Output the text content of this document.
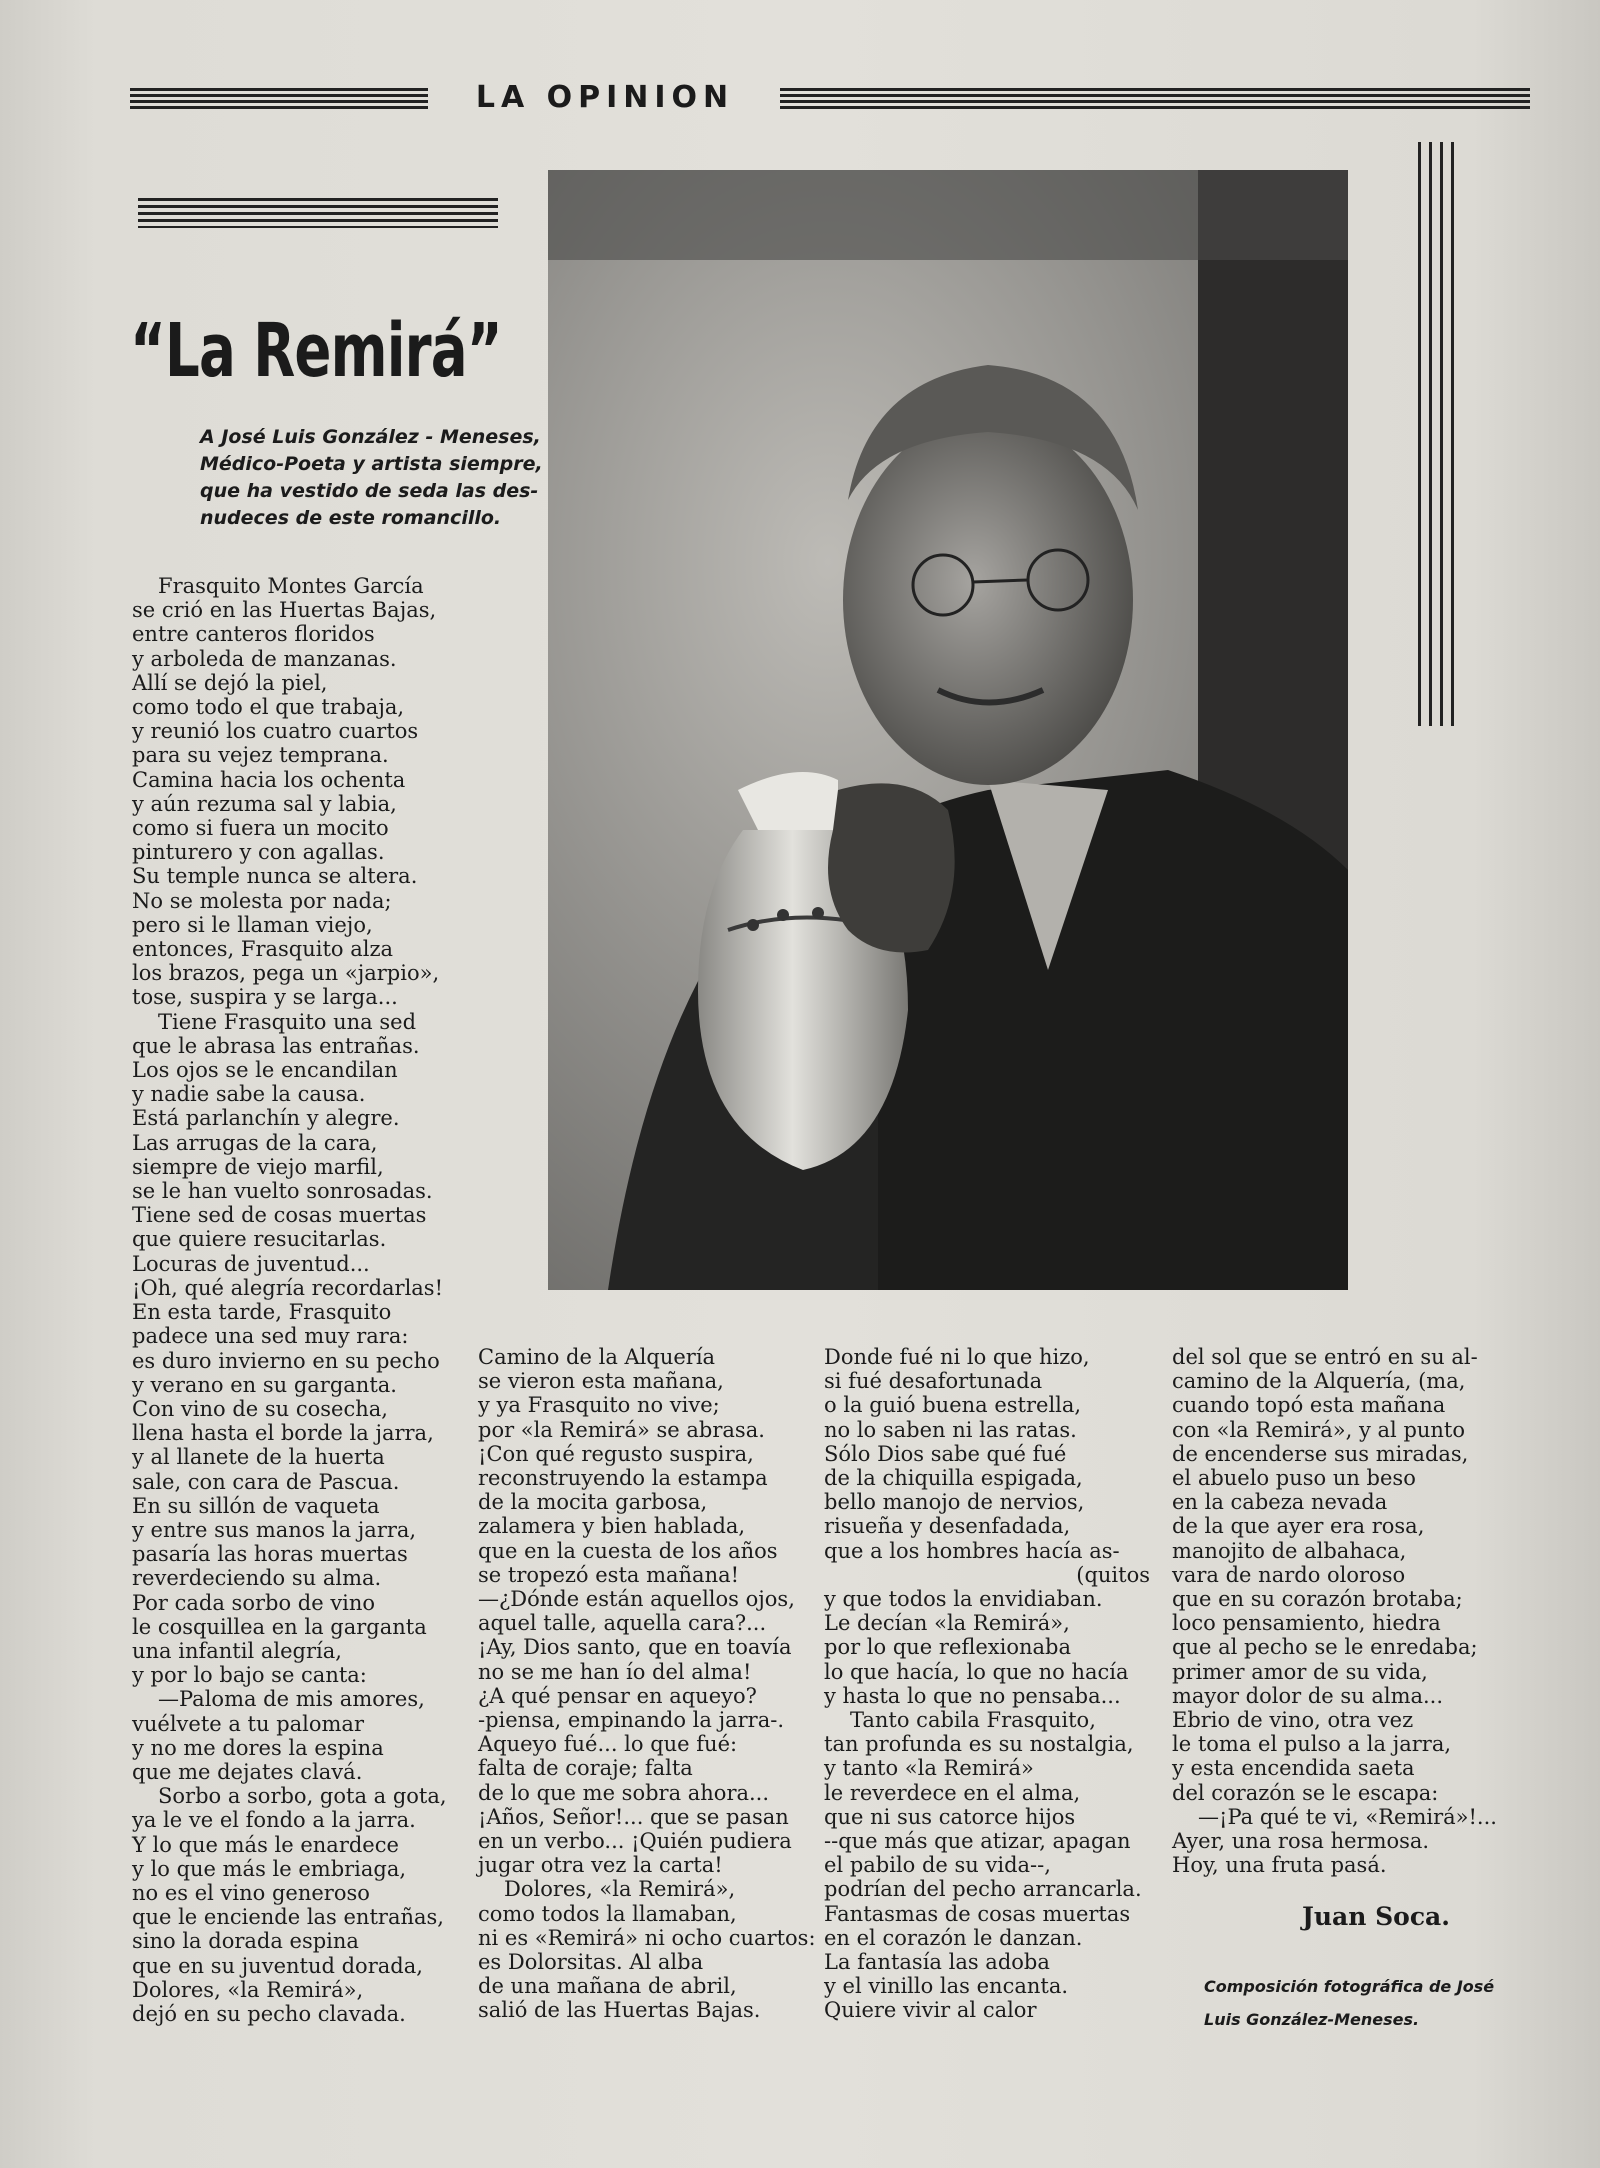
LA OPINION
“La Remirá”
A José Luis González - Meneses,
Médico-Poeta y artista siempre,
que ha vestido de seda las des-
nudeces de este romancillo.
Frasquito Montes García
se crió en las Huertas Bajas,
entre canteros floridos
y arboleda de manzanas.
Allí se dejó la piel,
como todo el que trabaja,
y reunió los cuatro cuartos
para su vejez temprana.
Camina hacia los ochenta
y aún rezuma sal y labia,
como si fuera un mocito
pinturero y con agallas.
Su temple nunca se altera.
No se molesta por nada;
pero si le llaman viejo,
entonces, Frasquito alza
los brazos, pega un «jarpio»,
tose, suspira y se larga...
Tiene Frasquito una sed
que le abrasa las entrañas.
Los ojos se le encandilan
y nadie sabe la causa.
Está parlanchín y alegre.
Las arrugas de la cara,
siempre de viejo marfil,
se le han vuelto sonrosadas.
Tiene sed de cosas muertas
que quiere resucitarlas.
Locuras de juventud...
¡Oh, qué alegría recordarlas!
En esta tarde, Frasquito
padece una sed muy rara:
es duro invierno en su pecho
y verano en su garganta.
Con vino de su cosecha,
llena hasta el borde la jarra,
y al llanete de la huerta
sale, con cara de Pascua.
En su sillón de vaqueta
y entre sus manos la jarra,
pasaría las horas muertas
reverdeciendo su alma.
Por cada sorbo de vino
le cosquillea en la garganta
una infantil alegría,
y por lo bajo se canta:
—Paloma de mis amores,
vuélvete a tu palomar
y no me dores la espina
que me dejates clavá.
Sorbo a sorbo, gota a gota,
ya le ve el fondo a la jarra.
Y lo que más le enardece
y lo que más le embriaga,
no es el vino generoso
que le enciende las entrañas,
sino la dorada espina
que en su juventud dorada,
Dolores, «la Remirá»,
dejó en su pecho clavada.
Camino de la Alquería
se vieron esta mañana,
y ya Frasquito no vive;
por «la Remirá» se abrasa.
¡Con qué regusto suspira,
reconstruyendo la estampa
de la mocita garbosa,
zalamera y bien hablada,
que en la cuesta de los años
se tropezó esta mañana!
—¿Dónde están aquellos ojos,
aquel talle, aquella cara?...
¡Ay, Dios santo, que en toavía
no se me han ío del alma!
¿A qué pensar en aqueyo?
-piensa, empinando la jarra-.
Aqueyo fué... lo que fué:
falta de coraje; falta
de lo que me sobra ahora...
¡Años, Señor!... que se pasan
en un verbo... ¡Quién pudiera
jugar otra vez la carta!
Dolores, «la Remirá»,
como todos la llamaban,
ni es «Remirá» ni ocho cuartos:
es Dolorsitas. Al alba
de una mañana de abril,
salió de las Huertas Bajas.
Donde fué ni lo que hizo,
si fué desafortunada
o la guió buena estrella,
no lo saben ni las ratas.
Sólo Dios sabe qué fué
de la chiquilla espigada,
bello manojo de nervios,
risueña y desenfadada,
que a los hombres hacía as-
(quitos
y que todos la envidiaban.
Le decían «la Remirá»,
por lo que reflexionaba
lo que hacía, lo que no hacía
y hasta lo que no pensaba...
Tanto cabila Frasquito,
tan profunda es su nostalgia,
y tanto «la Remirá»
le reverdece en el alma,
que ni sus catorce hijos
--que más que atizar, apagan
el pabilo de su vida--,
podrían del pecho arrancarla.
Fantasmas de cosas muertas
en el corazón le danzan.
La fantasía las adoba
y el vinillo las encanta.
Quiere vivir al calor
del sol que se entró en su al-
camino de la Alquería, (ma,
cuando topó esta mañana
con «la Remirá», y al punto
de encenderse sus miradas,
el abuelo puso un beso
en la cabeza nevada
de la que ayer era rosa,
manojito de albahaca,
vara de nardo oloroso
que en su corazón brotaba;
loco pensamiento, hiedra
que al pecho se le enredaba;
primer amor de su vida,
mayor dolor de su alma...
Ebrio de vino, otra vez
le toma el pulso a la jarra,
y esta encendida saeta
del corazón se le escapa:
—¡Pa qué te vi, «Remirá»!...
Ayer, una rosa hermosa.
Hoy, una fruta pasá.
Juan Soca.
Composición fotográfica de José
Luis González-Meneses.
